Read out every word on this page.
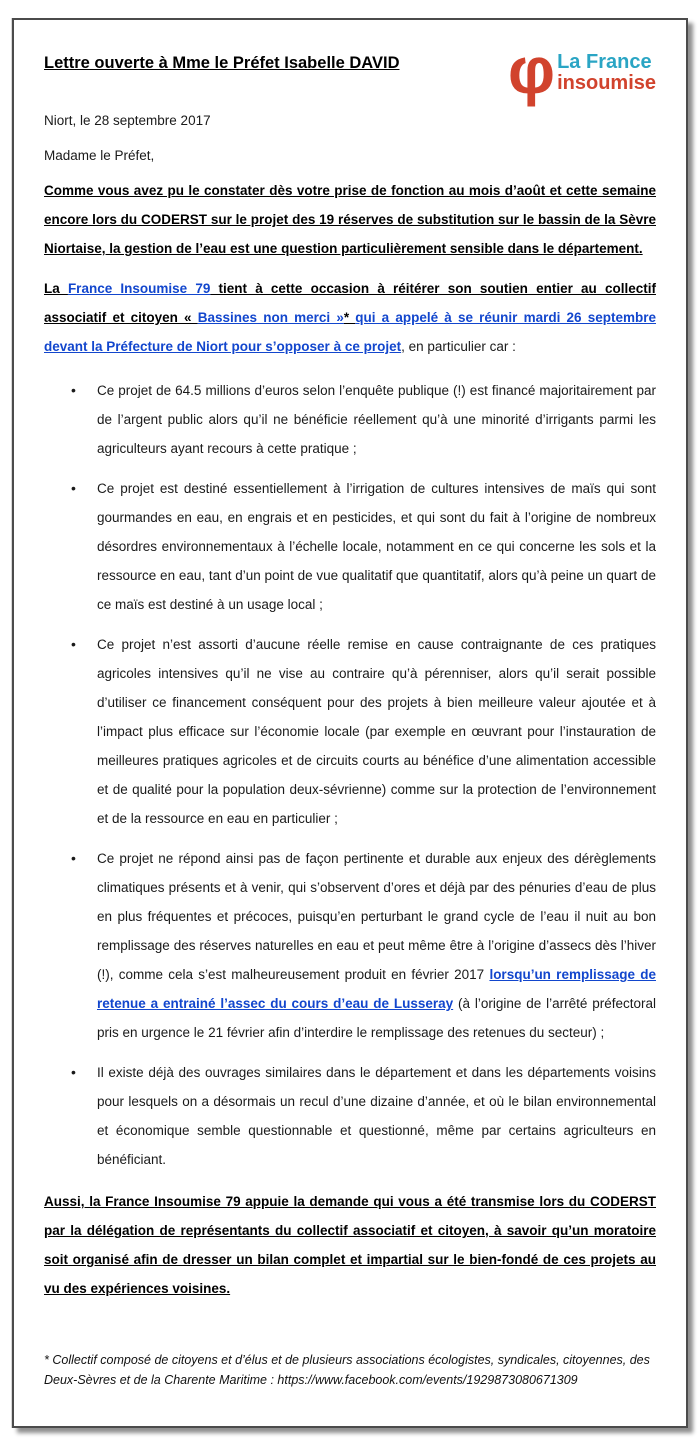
Lettre ouverte à Mme le Préfet Isabelle DAVID φ La France
insoumise

Niort, le 28 septembre 2017

Madame le Préfet,

Comme vous avez pu le constater dès votre prise de fonction au mois d’août et cette semaine encore lors du CODERST sur le projet des 19 réserves de substitution sur le bassin de la Sèvre Niortaise, la gestion de l’eau est une question particulièrement sensible dans le département.

La France Insoumise 79 tient à cette occasion à réitérer son soutien entier au collectif associatif et citoyen « Bassines non merci »* qui a appelé à se réunir mardi 26 septembre devant la Préfecture de Niort pour s’opposer à ce projet, en particulier car :

• Ce projet de 64.5 millions d’euros selon l’enquête publique (!) est financé majoritairement par de l’argent public alors qu’il ne bénéficie réellement qu’à une minorité d’irrigants parmi les agriculteurs ayant recours à cette pratique ;
• Ce projet est destiné essentiellement à l’irrigation de cultures intensives de maïs qui sont gourmandes en eau, en engrais et en pesticides, et qui sont du fait à l’origine de nombreux désordres environnementaux à l’échelle locale, notamment en ce qui concerne les sols et la ressource en eau, tant d’un point de vue qualitatif que quantitatif, alors qu’à peine un quart de ce maïs est destiné à un usage local ;
• Ce projet n’est assorti d’aucune réelle remise en cause contraignante de ces pratiques agricoles intensives qu’il ne vise au contraire qu’à pérenniser, alors qu’il serait possible d’utiliser ce financement conséquent pour des projets à bien meilleure valeur ajoutée et à l’impact plus efficace sur l’économie locale (par exemple en œuvrant pour l’instauration de meilleures pratiques agricoles et de circuits courts au bénéfice d’une alimentation accessible et de qualité pour la population deux-sévrienne) comme sur la protection de l’environnement et de la ressource en eau en particulier ;
• Ce projet ne répond ainsi pas de façon pertinente et durable aux enjeux des dérèglements climatiques présents et à venir, qui s’observent d’ores et déjà par des pénuries d’eau de plus en plus fréquentes et précoces, puisqu’en perturbant le grand cycle de l’eau il nuit au bon remplissage des réserves naturelles en eau et peut même être à l’origine d’assecs dès l’hiver (!), comme cela s’est malheureusement produit en février 2017 lorsqu’un remplissage de retenue a entrainé l’assec du cours d’eau de Lusseray (à l’origine de l’arrêté préfectoral pris en urgence le 21 février afin d’interdire le remplissage des retenues du secteur) ;
• Il existe déjà des ouvrages similaires dans le département et dans les départements voisins pour lesquels on a désormais un recul d’une dizaine d’année, et où le bilan environnemental et économique semble questionnable et questionné, même par certains agriculteurs en bénéficiant.

Aussi, la France Insoumise 79 appuie la demande qui vous a été transmise lors du CODERST par la délégation de représentants du collectif associatif et citoyen, à savoir qu’un moratoire soit organisé afin de dresser un bilan complet et impartial sur le bien-fondé de ces projets au vu des expériences voisines.

* Collectif composé de citoyens et d’élus et de plusieurs associations écologistes, syndicales, citoyennes, des Deux-Sèvres et de la Charente Maritime : https://www.facebook.com/events/1929873080671309
